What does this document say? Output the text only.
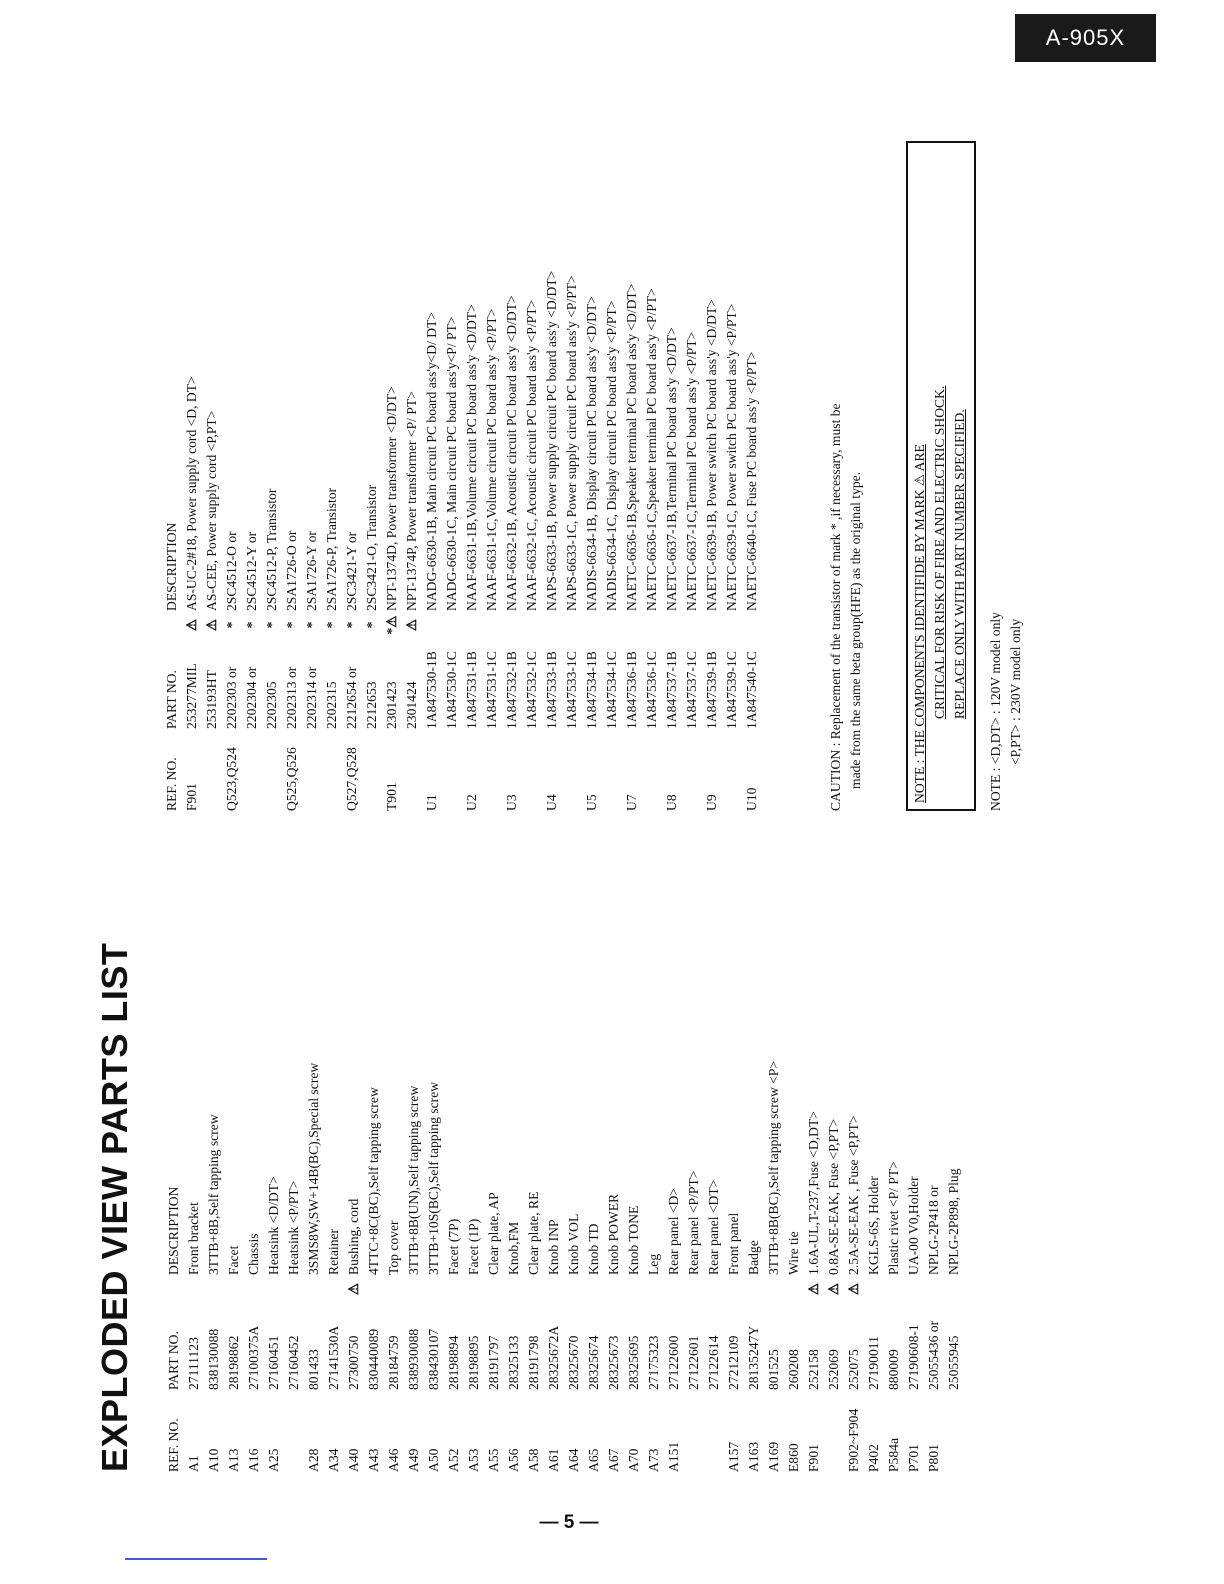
A-905X
EXPLODED VIEW PARTS LIST REF. NO.
PART NO.
DESCRIPTION
A1
27111123
Front bracket
A10
838130088
3TTB+8B,Self tapping screw
A13
28198862
Facet
A16
27100375A
Chassis
A25
27160451
Heatsink <D/DT>
27160452
Heatsink <P/PT>
A28
801433
3SMS8W,SW+14B(BC),Special screw
A34
27141530A
Retainer
A40
27300750
⚠
Bushing, cord
A43
830440089
4TTC+8C(BC),Self tapping screw
A46
28184759
Top cover
A49
838930088
3TTB+8B(UN),Self tapping screw
A50
838430107
3TTB+10S(BC),Self tapping screw
A52
28198894
Facet (7P)
A53
28198895
Facet (1P)
A55
28191797
Clear plate, AP
A56
28325133
Knob,FM
A58
28191798
Clear plate, RE
A61
2832567​2A
Knob INP
A64
28325670
Knob VOL
A65
28325674
Knob TD
A67
28325673
Knob POWER
A70
28325695
Knob TONE
A73
27175323
Leg
A151
27122600
Rear panel <D>
27122601
Rear panel <P/PT>
27122614
Rear panel <DT>
A157
27212109
Front panel
A163
2813524​7Y
Badge
A169
801525
3TTB+8B(BC),Self tapping screw <P>
E860
260208
Wire tie
F901
252158
⚠
1.6A-UL,T-237,Fuse <D,DT>
252069
⚠
0.8A-SE-EAK, Fuse <P,PT>
F902~F904
252075
⚠
2.5A-SE-EAK , Fuse <P,PT>
P402
27190011
KGLS-6S, Holder
P584a
880009
Plastic rivet <P/ PT>
P701
27190608-1
UA-00 V0,Holder
P801
25055436 or
NPLG-2P418 or
25055945
NPLG-2P898, Plug
REF. NO.
PART NO.
DESCRIPTION
F901
253277MIL
⚠
AS-UC-2#18, Power supply cord <D, DT>
253193HT
⚠
AS-CEE, Power supply cord <P,PT>
Q523,Q524
2202303 or
*
2SC4512-O or
2202304 or
*
2SC4512-Y or
2202305
*
2SC4512-P, Transistor
Q525,Q526
2202313 or
*
2SA1726-O or
2202314 or
*
2SA1726-Y or
2202315
*
2SA1726-P, Transistor
Q527,Q528
2212654 or
*
2SC3421-Y or
2212653
*
2SC3421-O, Transistor
T901
2301423
*⚠
NPT-1374D, Power transformer <D/DT>
2301424
⚠
NPT-1374P, Power transformer <P/ PT>
U1
1A847530-1B
NADG-6630-1B, Main circuit PC board ass'y<D/ DT>
1A847530-1C
NADG-6630-1C, Main circuit PC board ass'y<P/ PT>
U2
1A847531-1B
NAAF-6631-1B,Volume circuit PC board ass'y <D/DT>
1A847531-1C
NAAF-6631-1C,Volume circuit PC board ass'y <P/PT>
U3
1A847532-1B
NAAF-6632-1B, Acoustic circuit PC board ass'y <D/DT>
1A847532-1C
NAAF-6632-1C, Acoustic circuit PC board ass'y <P/PT>
U4
1A847533-1B
NAPS-6633-1B, Power supply circuit PC board ass'y <D/DT>
1A847533-1C
NAPS-6633-1C, Power supply circuit PC board ass'y <P/PT>
U5
1A847534-1B
NADIS-6634-1B, Display circuit PC board ass'y <D/DT>
1A847534-1C
NADIS-6634-1C, Display circuit PC board ass'y <P/PT>
U7
1A847536-1B
NAETC-6636-1B,Speaker terminal PC board ass'y <D/DT>
1A847536-1C
NAETC-6636-1C,Speaker terminal PC board ass'y <P/PT>
U8
1A847537-1B
NAETC-6637-1B,Terminal PC board ass'y <D/DT>
1A847537-1C
NAETC-6637-1C,Terminal PC board ass'y <P/PT>
U9
1A847539-1B
NAETC-6639-1B, Power switch PC board ass'y <D/DT>
1A847539-1C
NAETC-6639-1C, Power switch PC board ass'y <P/PT>
U10
1A847540-1C
NAETC-6640-1C, Fuse PC board ass'y <P/PT>	CAUTION : Replacement of the transistor of mark * ,if necessary, must be made from the same beta group(HFE) as the original type.	NOTE : THE COMPONENTS IDENTIFIDE BY MARK ⚠ ARE CRITICAL FOR RISK OF FIRE AND ELECTRIC SHOCK. REPLACE ONLY WITH PART NUMBER SPECIFIED. NOTE : <D,DT> : 120V model only <P,PT> : 230V model only
— 5 —
